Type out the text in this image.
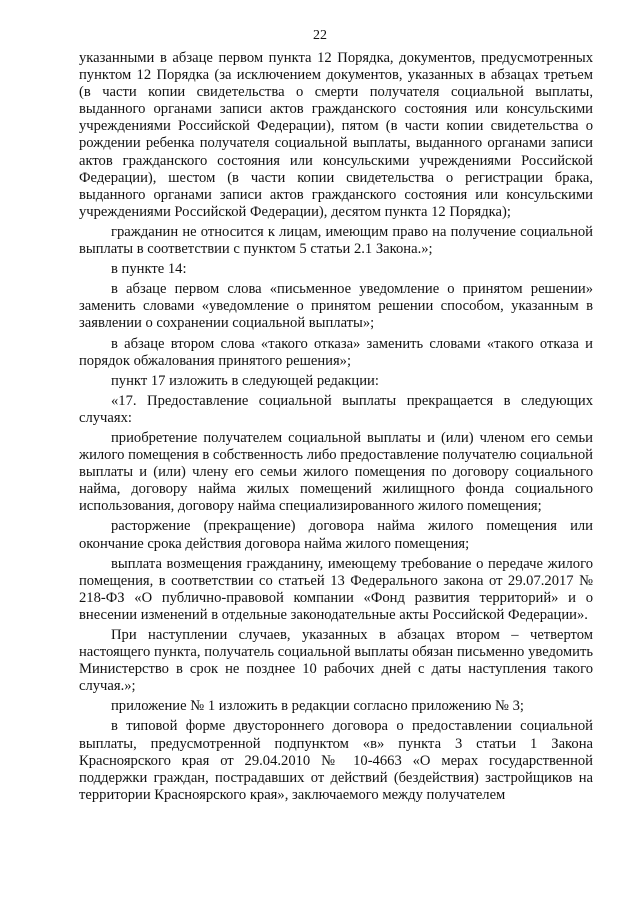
22

указанными в абзаце первом пункта 12 Порядка, документов, предусмотренных пунктом 12 Порядка (за исключением документов, указанных в абзацах третьем (в части копии свидетельства о смерти получателя социальной выплаты, выданного органами записи актов гражданского состояния или консульскими учреждениями Российской Федерации), пятом (в части копии свидетельства о рождении ребенка получателя социальной выплаты, выданного органами записи актов гражданского состояния или консульскими учреждениями Российской Федерации), шестом (в части копии свидетельства о регистрации брака, выданного органами записи актов гражданского состояния или консульскими учреждениями Российской Федерации), десятом пункта 12 Порядка);

гражданин не относится к лицам, имеющим право на получение социальной выплаты в соответствии с пунктом 5 статьи 2.1 Закона.»;

в пункте 14:

в абзаце первом слова «письменное уведомление о принятом решении» заменить словами «уведомление о принятом решении способом, указанным в заявлении о сохранении социальной выплаты»;

в абзаце втором слова «такого отказа» заменить словами «такого отказа и порядок обжалования принятого решения»;

пункт 17 изложить в следующей редакции:

«17. Предоставление социальной выплаты прекращается в следующих случаях:

приобретение получателем социальной выплаты и (или) членом его семьи жилого помещения в собственность либо предоставление получателю социальной выплаты и (или) члену его семьи жилого помещения по договору социального найма, договору найма жилых помещений жилищного фонда социального использования, договору найма специализированного жилого помещения;

расторжение (прекращение) договора найма жилого помещения или окончание срока действия договора найма жилого помещения;

выплата возмещения гражданину, имеющему требование о передаче жилого помещения, в соответствии со статьей 13 Федерального закона от 29.07.2017 № 218-ФЗ «О публично-правовой компании «Фонд развития территорий» и о внесении изменений в отдельные законодательные акты Российской Федерации».

При наступлении случаев, указанных в абзацах втором – четвертом настоящего пункта, получатель социальной выплаты обязан письменно уведомить Министерство в срок не позднее 10 рабочих дней с даты наступления такого случая.»;

приложение № 1 изложить в редакции согласно приложению № 3;

в типовой форме двустороннего договора о предоставлении социальной выплаты, предусмотренной подпунктом «в» пункта 3 статьи 1 Закона Красноярского края от 29.04.2010 № 10-4663 «О мерах государственной поддержки граждан, пострадавших от действий (бездействия) застройщиков на территории Красноярского края», заключаемого между получателем
